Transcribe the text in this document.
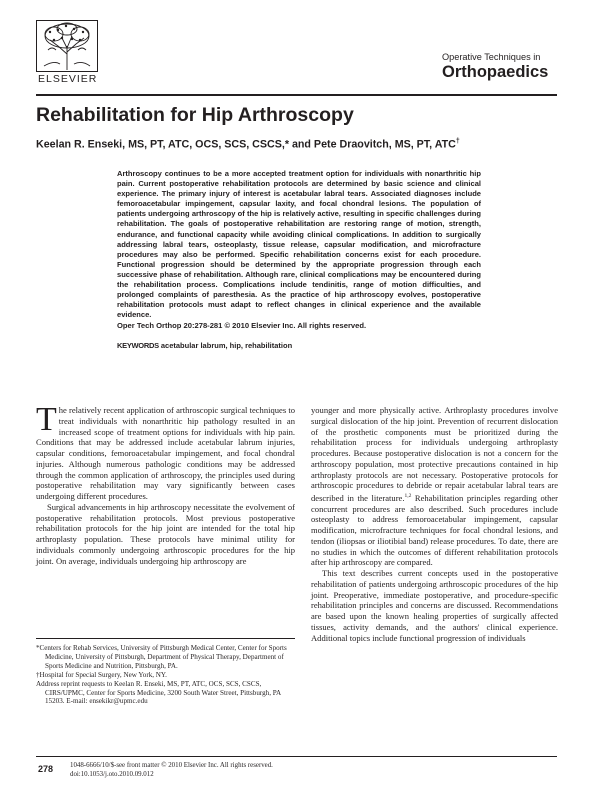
ELSEVIER
Operative Techniques in
Orthopaedics
Rehabilitation for Hip Arthroscopy
Keelan R. Enseki, MS, PT, ATC, OCS, SCS, CSCS,* and Pete Draovitch, MS, PT, ATC†
Arthroscopy continues to be a more accepted treatment option for individuals with nonarthritic hip pain. Current postoperative rehabilitation protocols are determined by basic science and clinical experience. The primary injury of interest is acetabular labral tears. Associated diagnoses include femoroacetabular impingement, capsular laxity, and focal chondral lesions. The population of patients undergoing arthroscopy of the hip is relatively active, resulting in specific challenges during rehabilitation. The goals of postoperative rehabilitation are restoring range of motion, strength, endurance, and functional capacity while avoiding clinical complications. In addition to surgically addressing labral tears, osteoplasty, tissue release, capsular modification, and microfracture procedures may also be performed. Specific rehabilitation concerns exist for each procedure. Functional progression should be determined by the appropriate progression through each successive phase of rehabilitation. Although rare, clinical complications may be encountered during the rehabilitation process. Complications include tendinitis, range of motion difficulties, and prolonged complaints of paresthesia. As the practice of hip arthroscopy evolves, postoperative rehabilitation protocols must adapt to reflect changes in clinical experience and the available evidence.
Oper Tech Orthop 20:278-281 © 2010 Elsevier Inc. All rights reserved.
KEYWORDS acetabular labrum, hip, rehabilitation

The relatively recent application of arthroscopic surgical techniques to treat individuals with nonarthritic hip pathology resulted in an increased scope of treatment options for individuals with hip pain. Conditions that may be addressed include acetabular labrum injuries, capsular conditions, femoroacetabular impingement, and focal chondral injuries. Although numerous pathologic conditions may be addressed through the common application of arthroscopy, the principles used during postoperative rehabilitation may vary significantly between cases undergoing different procedures.

Surgical advancements in hip arthroscopy necessitate the evolvement of postoperative rehabilitation protocols. Most previous postoperative rehabilitation protocols for the hip joint are intended for the total hip arthroplasty population. These protocols have minimal utility for individuals commonly undergoing arthroscopic procedures for the hip joint. On average, individuals undergoing hip arthroscopy are

younger and more physically active. Arthroplasty procedures involve surgical dislocation of the hip joint. Prevention of recurrent dislocation of the prosthetic components must be prioritized during the rehabilitation process for individuals undergoing arthroplasty procedures. Because postoperative dislocation is not a concern for the arthroscopy population, most protective precautions contained in hip arthroplasty protocols are not necessary. Postoperative protocols for arthroscopic procedures to debride or repair acetabular labral tears are described in the literature.$^{1,2}$ Rehabilitation principles regarding other concurrent procedures are also described. Such procedures include osteoplasty to address femoroacetabular impingement, capsular modification, microfracture techniques for focal chondral lesions, and tendon (iliopsas or iliotibial band) release procedures. To date, there are no studies in which the outcomes of different rehabilitation protocols after hip arthroscopy are compared.

This text describes current concepts used in the postoperative rehabilitation of patients undergoing arthroscopic procedures of the hip joint. Preoperative, immediate postoperative, and procedure-specific rehabilitation principles and concerns are discussed. Recommendations are based upon the known healing properties of surgically affected tissues, activity demands, and the authors' clinical experience. Additional topics include functional progression of individuals

*Centers for Rehab Services, University of Pittsburgh Medical Center, Center for Sports Medicine, University of Pittsburgh, Department of Physical Therapy, Department of Sports Medicine and Nutrition, Pittsburgh, PA.

†Hospital for Special Surgery, New York, NY.

Address reprint requests to Keelan R. Enseki, MS, PT, ATC, OCS, SCS, CSCS, CIRS/UPMC, Center for Sports Medicine, 3200 South Water Street, Pittsburgh, PA 15203. E-mail: ensekikr@upmc.edu

278 1048-6666/10/$-see front matter © 2010 Elsevier Inc. All rights reserved.
doi:10.1053/j.oto.2010.09.012
